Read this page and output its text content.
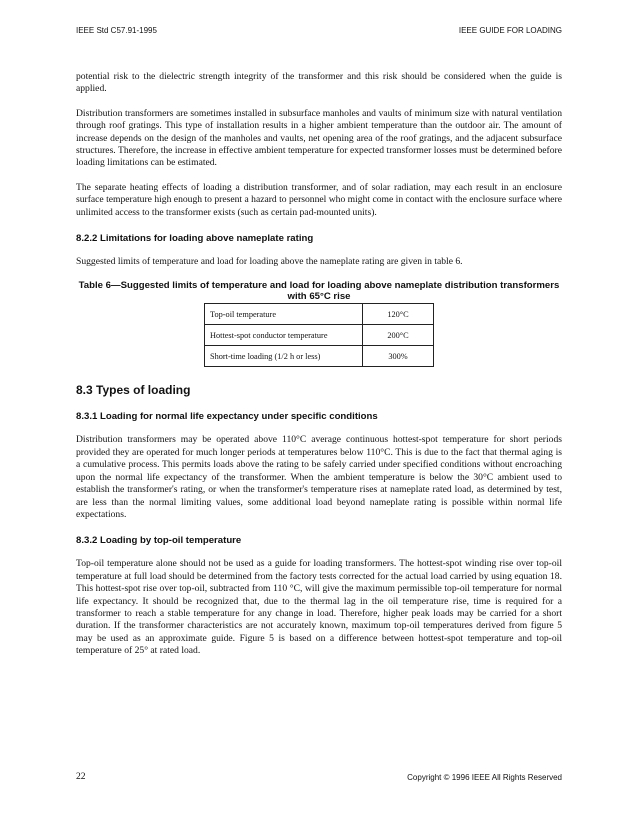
IEEE Std C57.91-1995	IEEE GUIDE FOR LOADING

potential risk to the dielectric strength integrity of the transformer and this risk should be considered when the guide is applied.

Distribution transformers are sometimes installed in subsurface manholes and vaults of minimum size with natural ventilation through roof gratings. This type of installation results in a higher ambient temperature than the outdoor air. The amount of increase depends on the design of the manholes and vaults, net opening area of the roof gratings, and the adjacent subsurface structures. Therefore, the increase in effective ambient temperature for expected transformer losses must be determined before loading limitations can be estimated.

The separate heating effects of loading a distribution transformer, and of solar radiation, may each result in an enclosure surface temperature high enough to present a hazard to personnel who might come in contact with the enclosure surface where unlimited access to the transformer exists (such as certain pad-mounted units).

8.2.2 Limitations for loading above nameplate rating

Suggested limits of temperature and load for loading above the nameplate rating are given in table 6.

Table 6—Suggested limits of temperature and load for loading above nameplate distribution transformers with 65°C rise
Top-oil temperature	120°C
Hottest-spot conductor temperature	200°C
Short-time loading (1/2 h or less)	300%
8.3 Types of loading
8.3.1 Loading for normal life expectancy under specific conditions

Distribution transformers may be operated above 110°C average continuous hottest-spot temperature for short periods provided they are operated for much longer periods at temperatures below 110°C. This is due to the fact that thermal aging is a cumulative process. This permits loads above the rating to be safely carried under specified conditions without encroaching upon the normal life expectancy of the transformer. When the ambient temperature is below the 30°C ambient used to establish the transformer's rating, or when the transformer's temperature rises at nameplate rated load, as determined by test, are less than the normal limiting values, some additional load beyond nameplate rating is possible within normal life expectations.

8.3.2 Loading by top-oil temperature

Top-oil temperature alone should not be used as a guide for loading transformers. The hottest-spot winding rise over top-oil temperature at full load should be determined from the factory tests corrected for the actual load carried by using equation 18. This hottest-spot rise over top-oil, subtracted from 110 °C, will give the maximum permissible top-oil temperature for normal life expectancy. It should be recognized that, due to the thermal lag in the oil temperature rise, time is required for a transformer to reach a stable temperature for any change in load. Therefore, higher peak loads may be carried for a short duration. If the transformer characteristics are not accurately known, maximum top-oil temperatures derived from figure 5 may be used as an approximate guide. Figure 5 is based on a difference between hottest-spot temperature and top-oil temperature of 25° at rated load.

22	Copyright © 1996 IEEE All Rights Reserved
